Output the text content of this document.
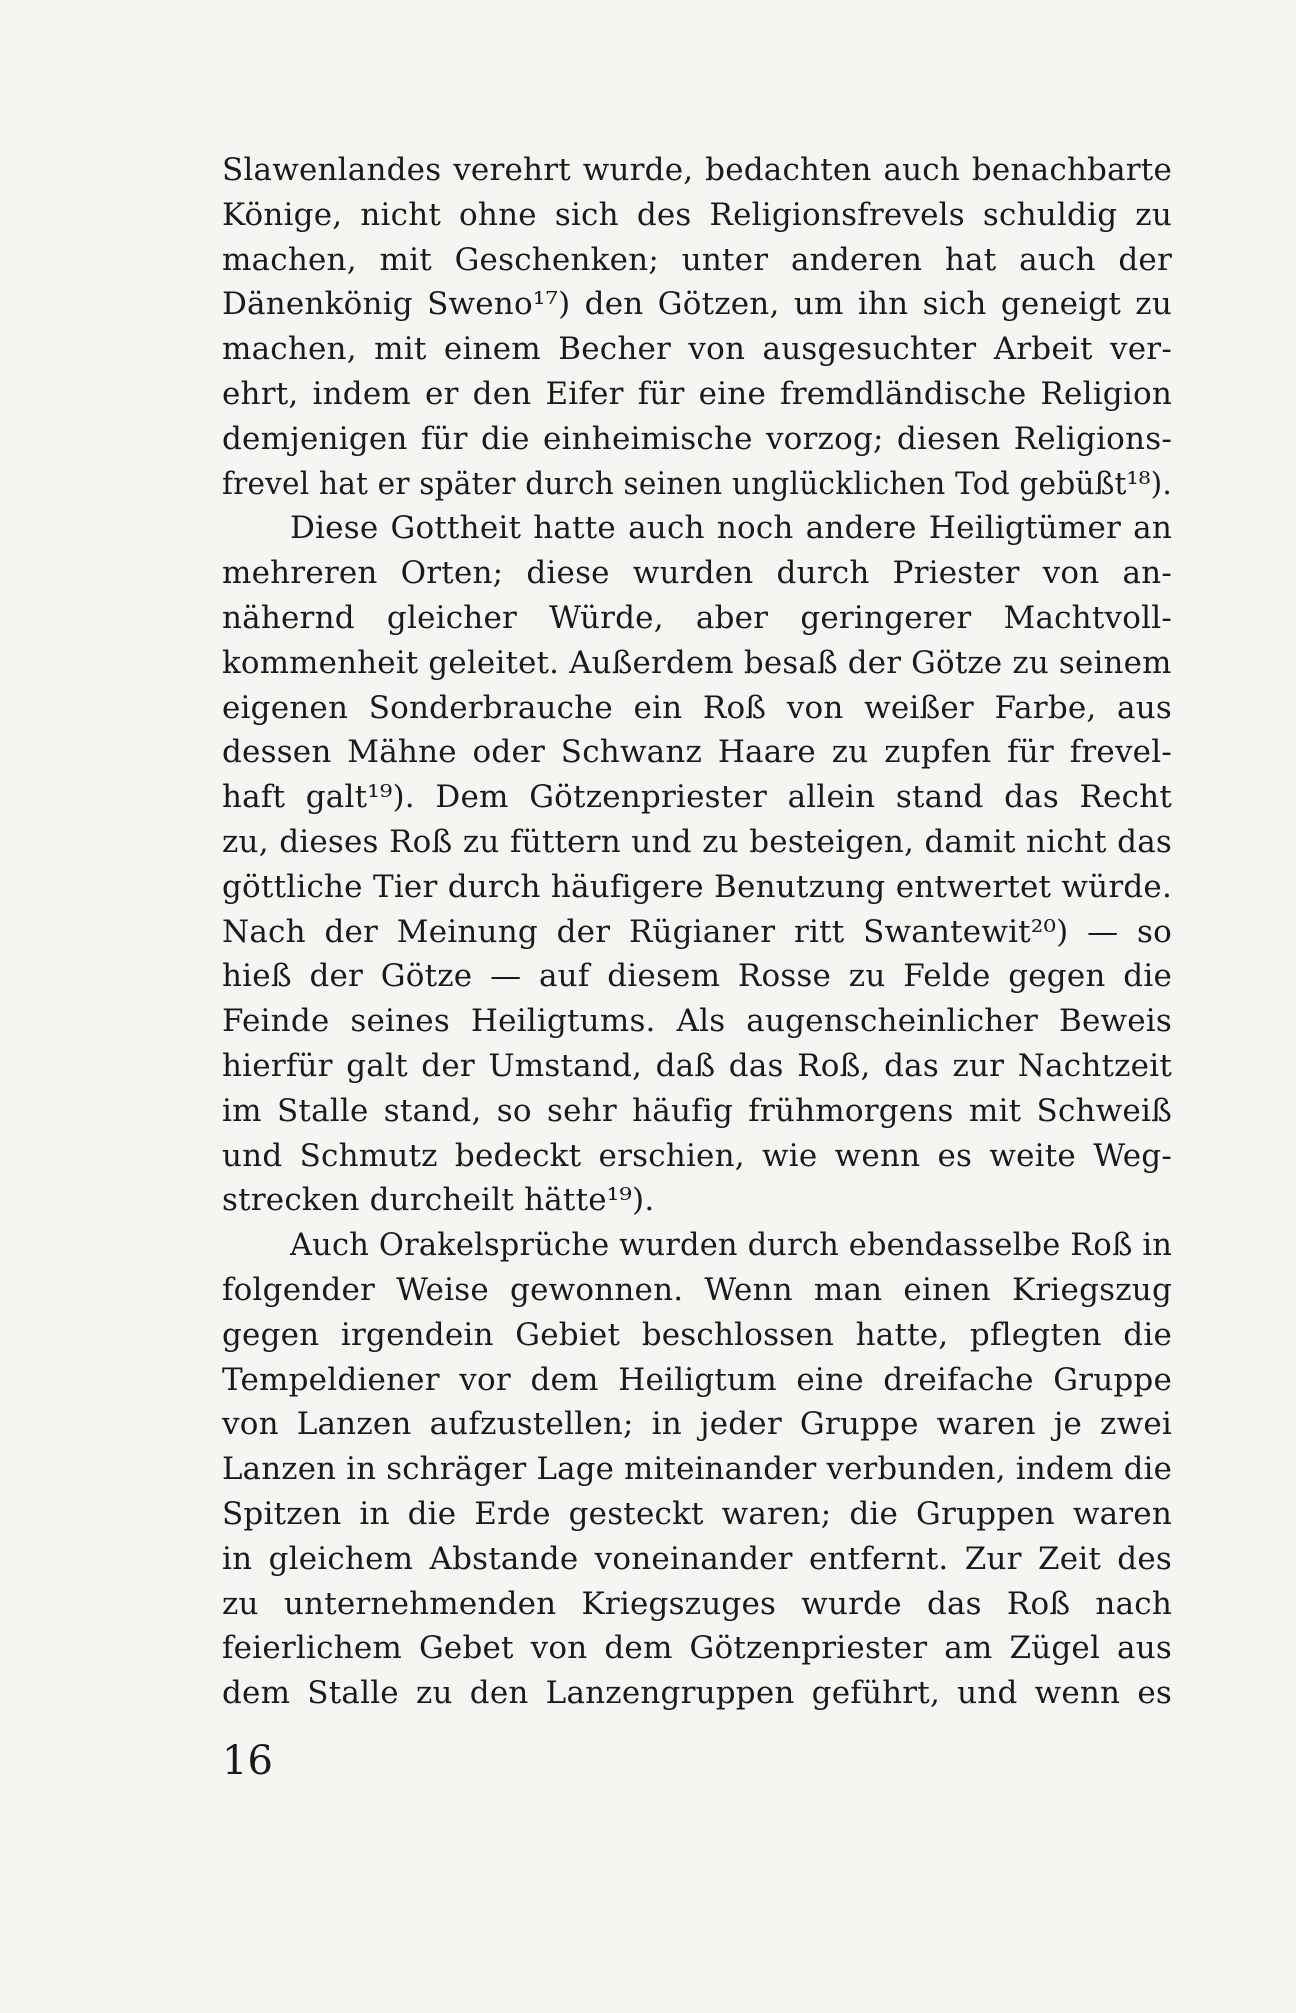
Slawenlandes verehrt wurde, bedachten auch benachbarte
Könige, nicht ohne sich des Religionsfrevels schuldig zu
machen, mit Geschenken; unter anderen hat auch der
Dänenkönig Sweno¹⁷) den Götzen, um ihn sich geneigt zu
machen, mit einem Becher von ausgesuchter Arbeit ver-
ehrt, indem er den Eifer für eine fremdländische Religion
demjenigen für die einheimische vorzog; diesen Religions-
frevel hat er später durch seinen unglücklichen Tod gebüßt¹⁸).
Diese Gottheit hatte auch noch andere Heiligtümer an
mehreren Orten; diese wurden durch Priester von an-
nähernd gleicher Würde, aber geringerer Machtvoll-
kommenheit geleitet. Außerdem besaß der Götze zu seinem
eigenen Sonderbrauche ein Roß von weißer Farbe, aus
dessen Mähne oder Schwanz Haare zu zupfen für frevel-
haft galt¹⁹). Dem Götzenpriester allein stand das Recht
zu, dieses Roß zu füttern und zu besteigen, damit nicht das
göttliche Tier durch häufigere Benutzung entwertet würde.
Nach der Meinung der Rügianer ritt Swantewit²⁰) — so
hieß der Götze — auf diesem Rosse zu Felde gegen die
Feinde seines Heiligtums. Als augenscheinlicher Beweis
hierfür galt der Umstand, daß das Roß, das zur Nachtzeit
im Stalle stand, so sehr häufig frühmorgens mit Schweiß
und Schmutz bedeckt erschien, wie wenn es weite Weg-
strecken durcheilt hätte¹⁹).
Auch Orakelsprüche wurden durch ebendasselbe Roß in
folgender Weise gewonnen. Wenn man einen Kriegszug
gegen irgendein Gebiet beschlossen hatte, pflegten die
Tempeldiener vor dem Heiligtum eine dreifache Gruppe
von Lanzen aufzustellen; in jeder Gruppe waren je zwei
Lanzen in schräger Lage miteinander verbunden, indem die
Spitzen in die Erde gesteckt waren; die Gruppen waren
in gleichem Abstande voneinander entfernt. Zur Zeit des
zu unternehmenden Kriegszuges wurde das Roß nach
feierlichem Gebet von dem Götzenpriester am Zügel aus
dem Stalle zu den Lanzengruppen geführt, und wenn es
16
